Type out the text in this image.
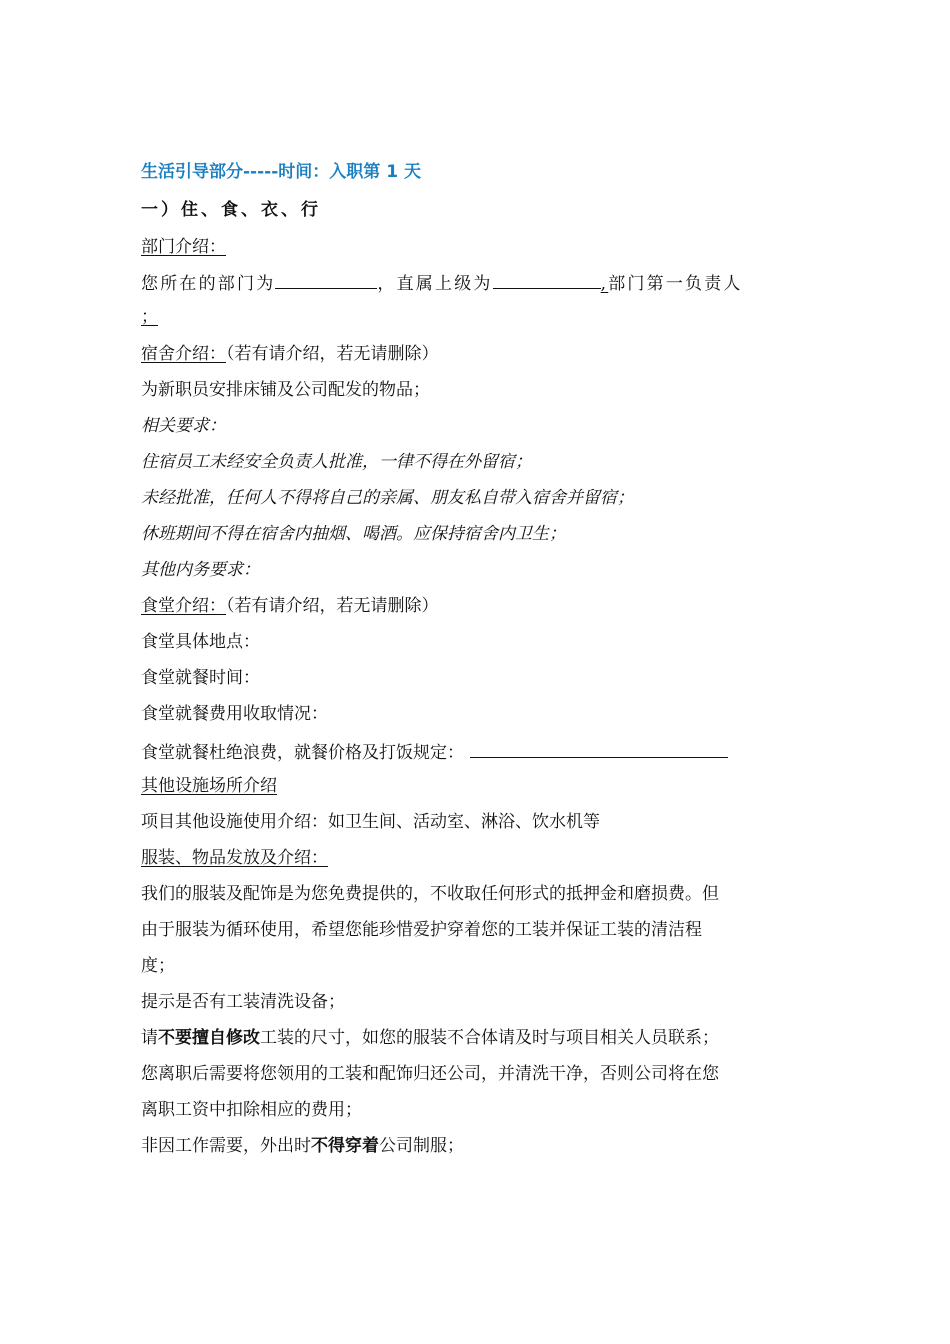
生活引导部分-----时间：入职第 1 天
一）住、食、衣、行
部门介绍：
您所在的部门为	，直属上级为	,部门第一负责人
；
宿舍介绍：（若有请介绍，若无请删除）
为新职员安排床铺及公司配发的物品；
相关要求：
住宿员工未经安全负责人批准，一律不得在外留宿；
未经批准，任何人不得将自己的亲属、朋友私自带入宿舍并留宿；
休班期间不得在宿舍内抽烟、喝酒。应保持宿舍内卫生；
其他内务要求：
食堂介绍：（若有请介绍，若无请删除）
食堂具体地点：
食堂就餐时间：
食堂就餐费用收取情况：
食堂就餐杜绝浪费，就餐价格及打饭规定：
其他设施场所介绍
项目其他设施使用介绍：如卫生间、活动室、淋浴、饮水机等
服装、物品发放及介绍：
我们的服装及配饰是为您免费提供的，不收取任何形式的抵押金和磨损费。但
由于服装为循环使用，希望您能珍惜爱护穿着您的工装并保证工装的清洁程
度；
提示是否有工装清洗设备；
请不要擅自修改工装的尺寸，如您的服装不合体请及时与项目相关人员联系；
您离职后需要将您领用的工装和配饰归还公司，并清洗干净，否则公司将在您
离职工资中扣除相应的费用；
非因工作需要，外出时不得穿着公司制服；
